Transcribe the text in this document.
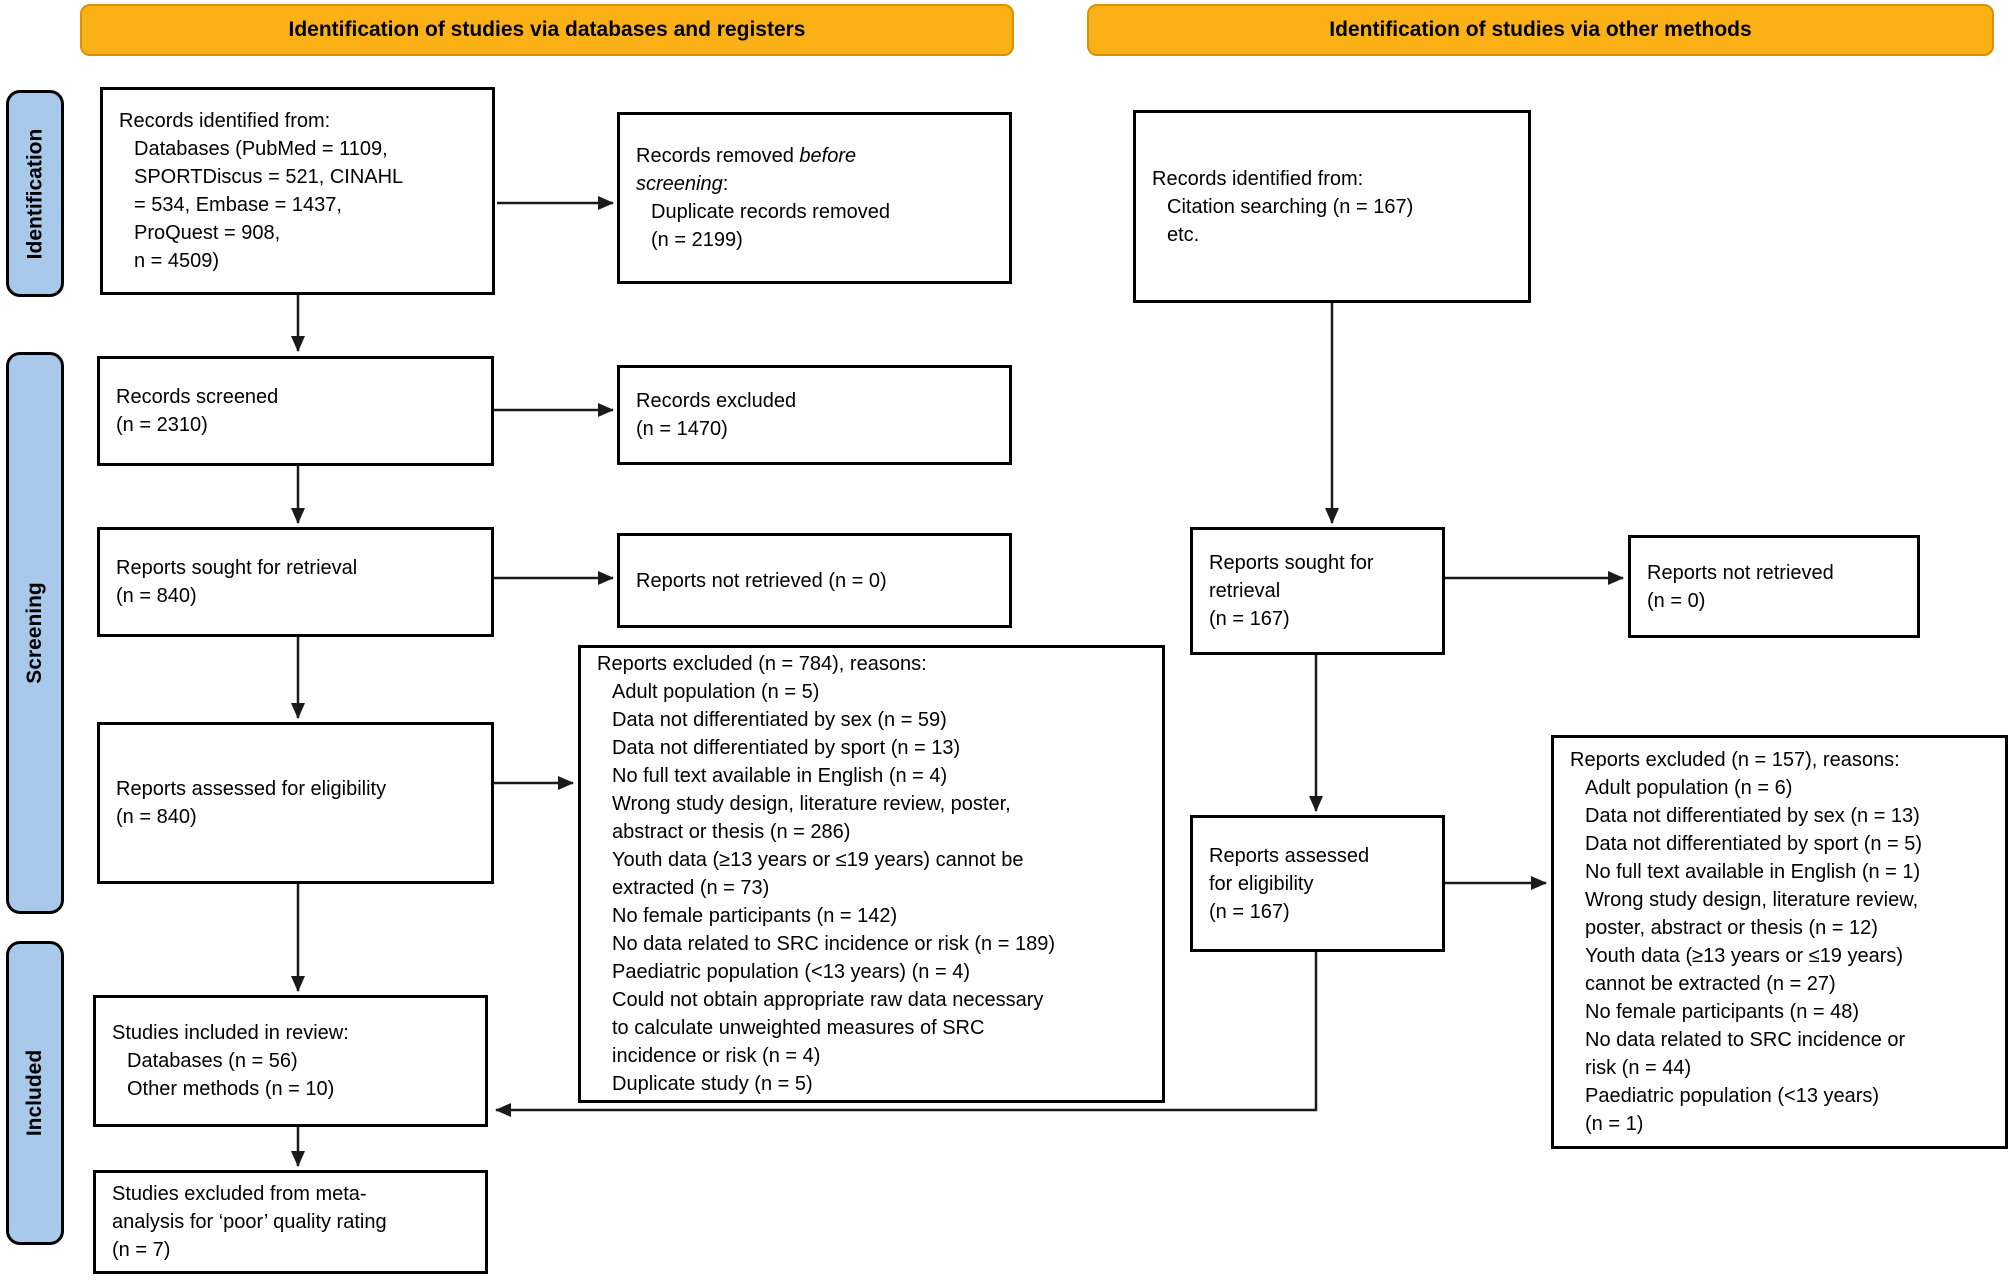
Identification of studies via databases and registers	Identification of studies via other methods
Identification
Screening
Included
Records identified from:
Databases (PubMed = 1109,
SPORTDiscus = 521, CINAHL
= 534, Embase = 1437,
ProQuest = 908,
n = 4509)
Records removed before
screening:
Duplicate records removed
(n = 2199)
Records screened
(n = 2310)
Records excluded
(n = 1470)
Reports sought for retrieval
(n = 840)
Reports not retrieved (n = 0)
Reports assessed for eligibility
(n = 840)
Reports excluded (n = 784), reasons:
Adult population (n = 5)
Data not differentiated by sex (n = 59)
Data not differentiated by sport (n = 13)
No full text available in English (n = 4)
Wrong study design, literature review, poster,
abstract or thesis (n = 286)
Youth data (≥13 years or ≤19 years) cannot be
extracted (n = 73)
No female participants (n = 142)
No data related to SRC incidence or risk (n = 189)
Paediatric population (<13 years) (n = 4)
Could not obtain appropriate raw data necessary
to calculate unweighted measures of SRC
incidence or risk (n = 4)
Duplicate study (n = 5)
Studies included in review:
Databases (n = 56)
Other methods (n = 10)
Studies excluded from meta-
analysis for ‘poor’ quality rating
(n = 7)
Records identified from:
Citation searching (n = 167)
etc.
Reports sought for
retrieval
(n = 167)
Reports not retrieved
(n = 0)
Reports assessed
for eligibility
(n = 167)
Reports excluded (n = 157), reasons:
Adult population (n = 6)
Data not differentiated by sex (n = 13)
Data not differentiated by sport (n = 5)
No full text available in English (n = 1)
Wrong study design, literature review,
poster, abstract or thesis (n = 12)
Youth data (≥13 years or ≤19 years)
cannot be extracted (n = 27)
No female participants (n = 48)
No data related to SRC incidence or
risk (n = 44)
Paediatric population (<13 years)
(n = 1)
